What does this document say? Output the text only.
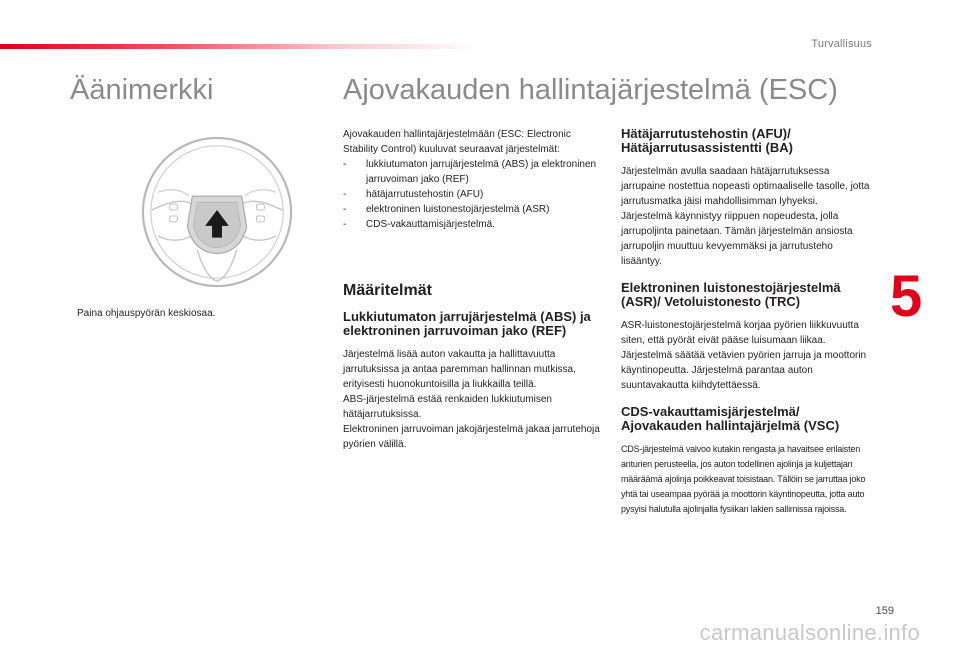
Turvallisuus
Äänimerkki	Ajovakauden hallintajärjestelmä (ESC)
Paina ohjauspyörän keskiosaa.

Ajovakauden hallintajärjestelmään (ESC: Electronic Stability Control) kuuluvat seuraavat järjestelmät:

- lukkiutumaton jarrujärjestelmä (ABS) ja elektroninen jarruvoiman jako (REF)
- hätäjarrutustehostin (AFU)
- elektroninen luistonestojärjestelmä (ASR)
- CDS-vakauttamisjärjestelmä.
Määritelmät
Lukkiutumaton jarrujärjestelmä (ABS) ja elektroninen jarruvoiman jako (REF)

Järjestelmä lisää auton vakautta ja hallittavuutta jarrutuksissa ja antaa paremman hallinnan mutkissa, erityisesti huonokuntoisilla ja liukkailla teillä.

ABS-järjestelmä estää renkaiden lukkiutumisen hätäjarrutuksissa.

Elektroninen jarruvoiman jakojärjestelmä jakaa jarrutehoja pyörien välillä.

Hätäjarrutustehostin (AFU)/ Hätäjarrutusassistentti (BA)

Järjestelmän avulla saadaan hätäjarrutuksessa jarrupaine nostettua nopeasti optimaaliselle tasolle, jotta jarrutusmatka jäisi mahdollisimman lyhyeksi.

Järjestelmä käynnistyy riippuen nopeudesta, jolla jarrupoljinta painetaan. Tämän järjestelmän ansiosta jarrupoljin muuttuu kevyemmäksi ja jarrutusteho lisääntyy.

Elektroninen luistonestojärjestelmä (ASR)/ Vetoluistonesto (TRC)

ASR-luistonestojärjestelmä korjaa pyörien liikkuvuutta siten, että pyörät eivät pääse luisumaan liikaa. Järjestelmä säätää vetävien pyörien jarruja ja moottorin käyntinopeutta. Järjestelmä parantaa auton suuntavakautta kiihdytettäessä.

CDS-vakauttamisjärjestelmä/ Ajovakauden hallintajärjelmä (VSC)

CDS-järjestelmä valvoo kutakin rengasta ja havaitsee erilaisten anturien perusteella, jos auton todellinen ajolinja ja kuljettajan määräämä ajolinja poikkeavat toisistaan. Tällöin se jarruttaa joko yhtä tai useampaa pyörää ja moottorin käyntinopeutta, jotta auto pysyisi halutulla ajolinjalla fysiikan lakien sallimissa rajoissa.

5
159
carmanualsonline.info
